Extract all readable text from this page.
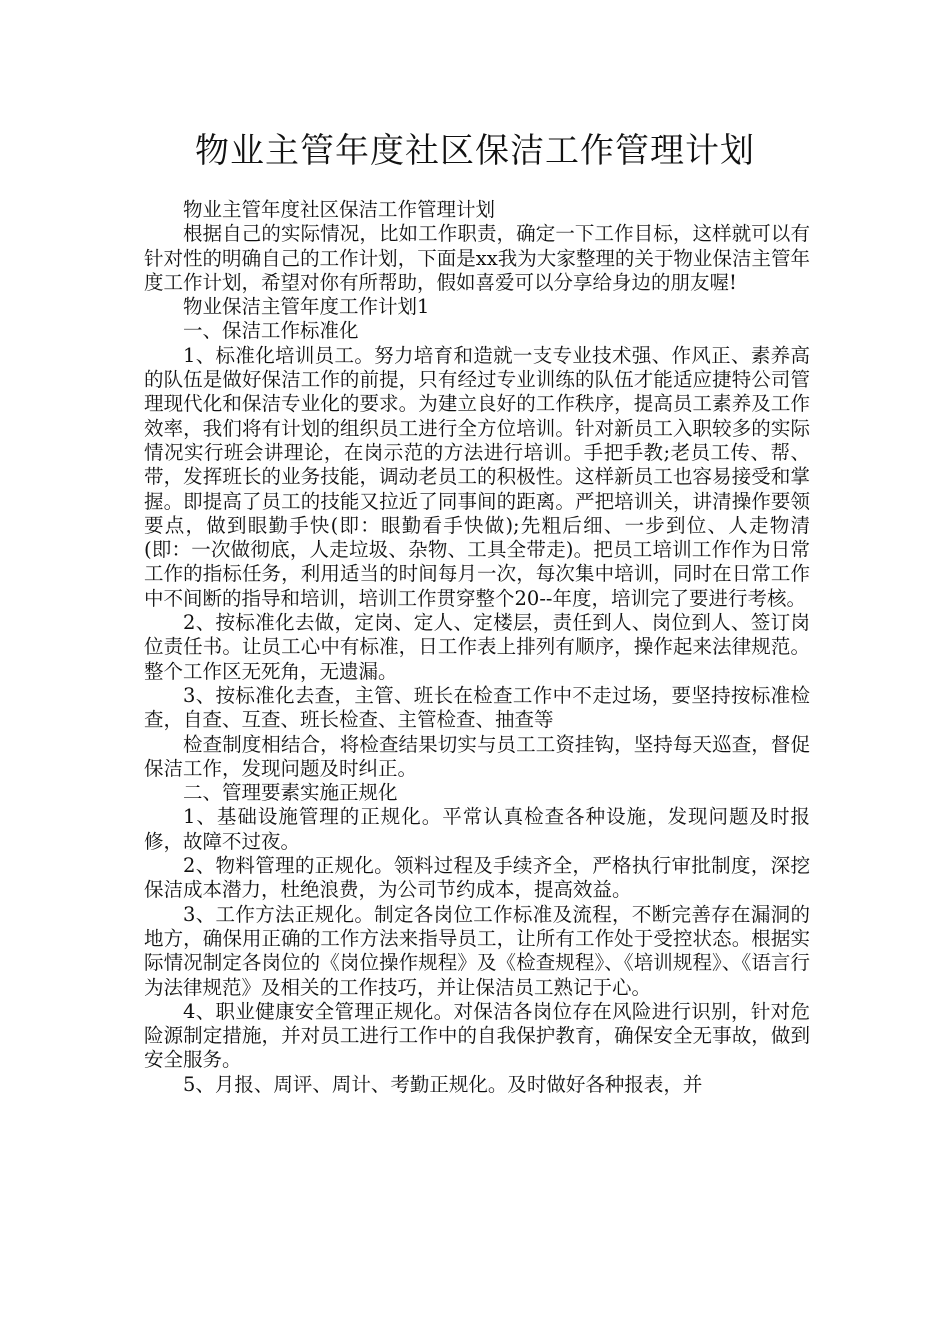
物业主管年度社区保洁工作管理计划

物业主管年度社区保洁工作管理计划

根据自己的实际情况，比如工作职责，确定一下工作目标，这样就可以有针对性的明确自己的工作计划，下面是xx我为大家整理的关于物业保洁主管年度工作计划，希望对你有所帮助，假如喜爱可以分享给身边的朋友喔!

物业保洁主管年度工作计划1

一、保洁工作标准化

1、标准化培训员工。努力培育和造就一支专业技术强、作风正、素养高的队伍是做好保洁工作的前提，只有经过专业训练的队伍才能适应捷特公司管理现代化和保洁专业化的要求。为建立良好的工作秩序，提高员工素养及工作效率，我们将有计划的组织员工进行全方位培训。针对新员工入职较多的实际情况实行班会讲理论，在岗示范的方法进行培训。手把手教;老员工传、帮、带，发挥班长的业务技能，调动老员工的积极性。这样新员工也容易接受和掌握。即提高了员工的技能又拉近了同事间的距离。严把培训关，讲清操作要领要点，做到眼勤手快(即：眼勤看手快做);先粗后细、一步到位、人走物清(即：一次做彻底，人走垃圾、杂物、工具全带走)。把员工培训工作作为日常工作的指标任务，利用适当的时间每月一次，每次集中培训，同时在日常工作中不间断的指导和培训，培训工作贯穿整个20--年度，培训完了要进行考核。

2、按标准化去做，定岗、定人、定楼层，责任到人、岗位到人、签订岗位责任书。让员工心中有标准，日工作表上排列有顺序，操作起来法律规范。整个工作区无死角，无遗漏。

3、按标准化去查，主管、班长在检查工作中不走过场，要坚持按标准检查，自查、互查、班长检查、主管检查、抽查等

检查制度相结合，将检查结果切实与员工工资挂钩，坚持每天巡查，督促保洁工作，发现问题及时纠正。

二、管理要素实施正规化

1、基础设施管理的正规化。平常认真检查各种设施，发现问题及时报修，故障不过夜。

2、物料管理的正规化。领料过程及手续齐全，严格执行审批制度，深挖保洁成本潜力，杜绝浪费，为公司节约成本，提高效益。

3、工作方法正规化。制定各岗位工作标准及流程，不断完善存在漏洞的地方，确保用正确的工作方法来指导员工，让所有工作处于受控状态。根据实际情况制定各岗位的《岗位操作规程》及《检查规程》、《培训规程》、《语言行为法律规范》及相关的工作技巧，并让保洁员工熟记于心。

4、职业健康安全管理正规化。对保洁各岗位存在风险进行识别，针对危险源制定措施，并对员工进行工作中的自我保护教育，确保安全无事故，做到安全服务。

5、月报、周评、周计、考勤正规化。及时做好各种报表，并
